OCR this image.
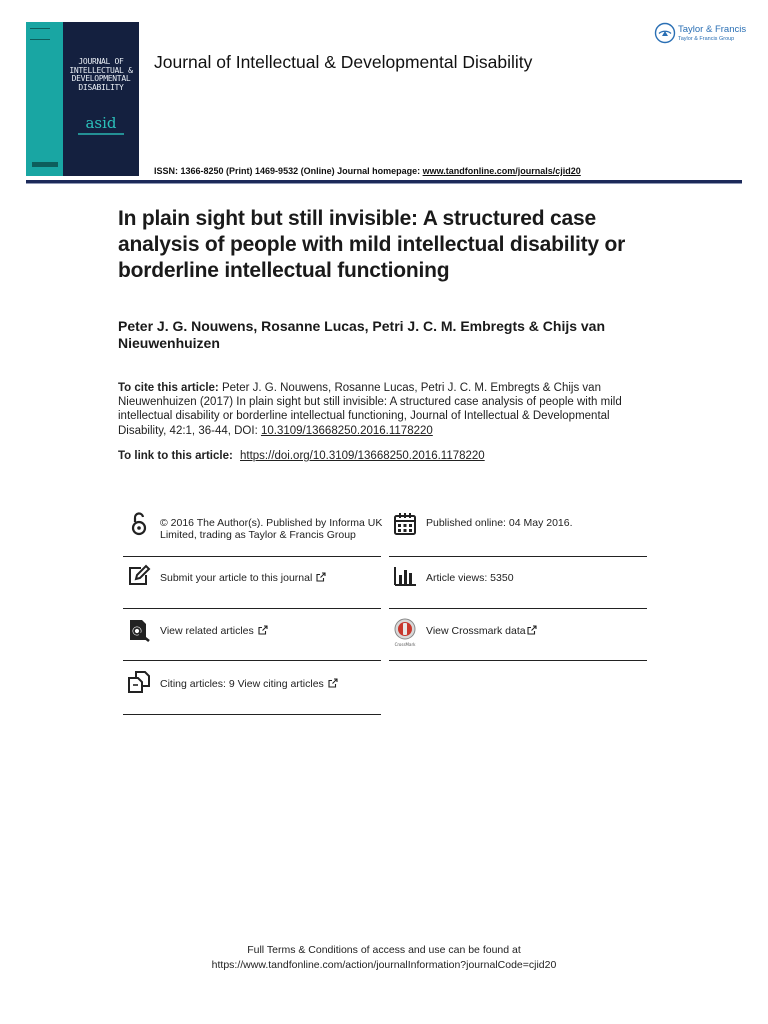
JOURNAL OF
INTELLECTUAL &
DEVELOPMENTAL
DISABILITY
asid
Journal of Intellectual & Developmental Disability
Taylor & Francis
Taylor & Francis Group
ISSN: 1366-8250 (Print) 1469-9532 (Online) Journal homepage: www.tandfonline.com/journals/cjid20
In plain sight but still invisible: A structured case analysis of people with mild intellectual disability or borderline intellectual functioning
Peter J. G. Nouwens, Rosanne Lucas, Petri J. C. M. Embregts & Chijs van Nieuwenhuizen
To cite this article: Peter J. G. Nouwens, Rosanne Lucas, Petri J. C. M. Embregts & Chijs van Nieuwenhuizen (2017) In plain sight but still invisible: A structured case analysis of people with mild intellectual disability or borderline intellectual functioning, Journal of Intellectual & Developmental Disability, 42:1, 36-44, DOI: 10.3109/13668250.2016.1178220
To link to this article: https://doi.org/10.3109/13668250.2016.1178220
© 2016 The Author(s). Published by Informa UK Limited, trading as Taylor & Francis Group
Published online: 04 May 2016.
Submit your article to this journal	Article views: 5350
View related articles
CrossMark
View Crossmark data
Citing articles: 9 View citing articles
Full Terms & Conditions of access and use can be found at
https://www.tandfonline.com/action/journalInformation?journalCode=cjid20
